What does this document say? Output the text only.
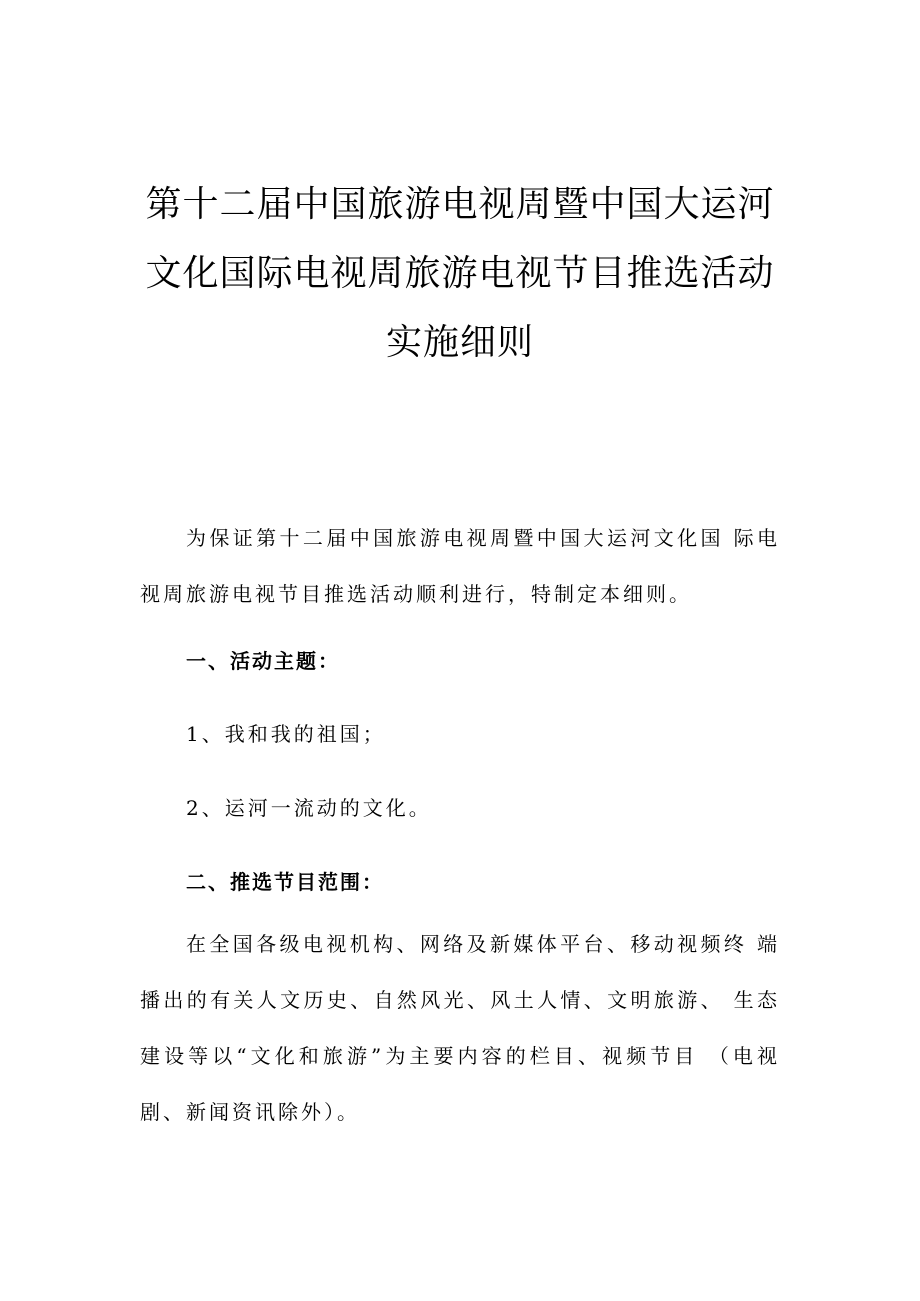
第十二届中国旅游电视周暨中国大运河
文化国际电视周旅游电视节目推选活动
实施细则
为保证第十二届中国旅游电视周暨中国大运河文化国 际电视周旅游电视节目推选活动顺利进行，特制定本细则。
一、活动主题：
1、我和我的祖国；
2、运河一流动的文化。
二、推选节目范围：
在全国各级电视机构、网络及新媒体平台、移动视频终 端播出的有关人文历史、自然风光、风土人情、文明旅游、 生态建设等以“文化和旅游”为主要内容的栏目、视频节目 （电视剧、新闻资讯除外）。
